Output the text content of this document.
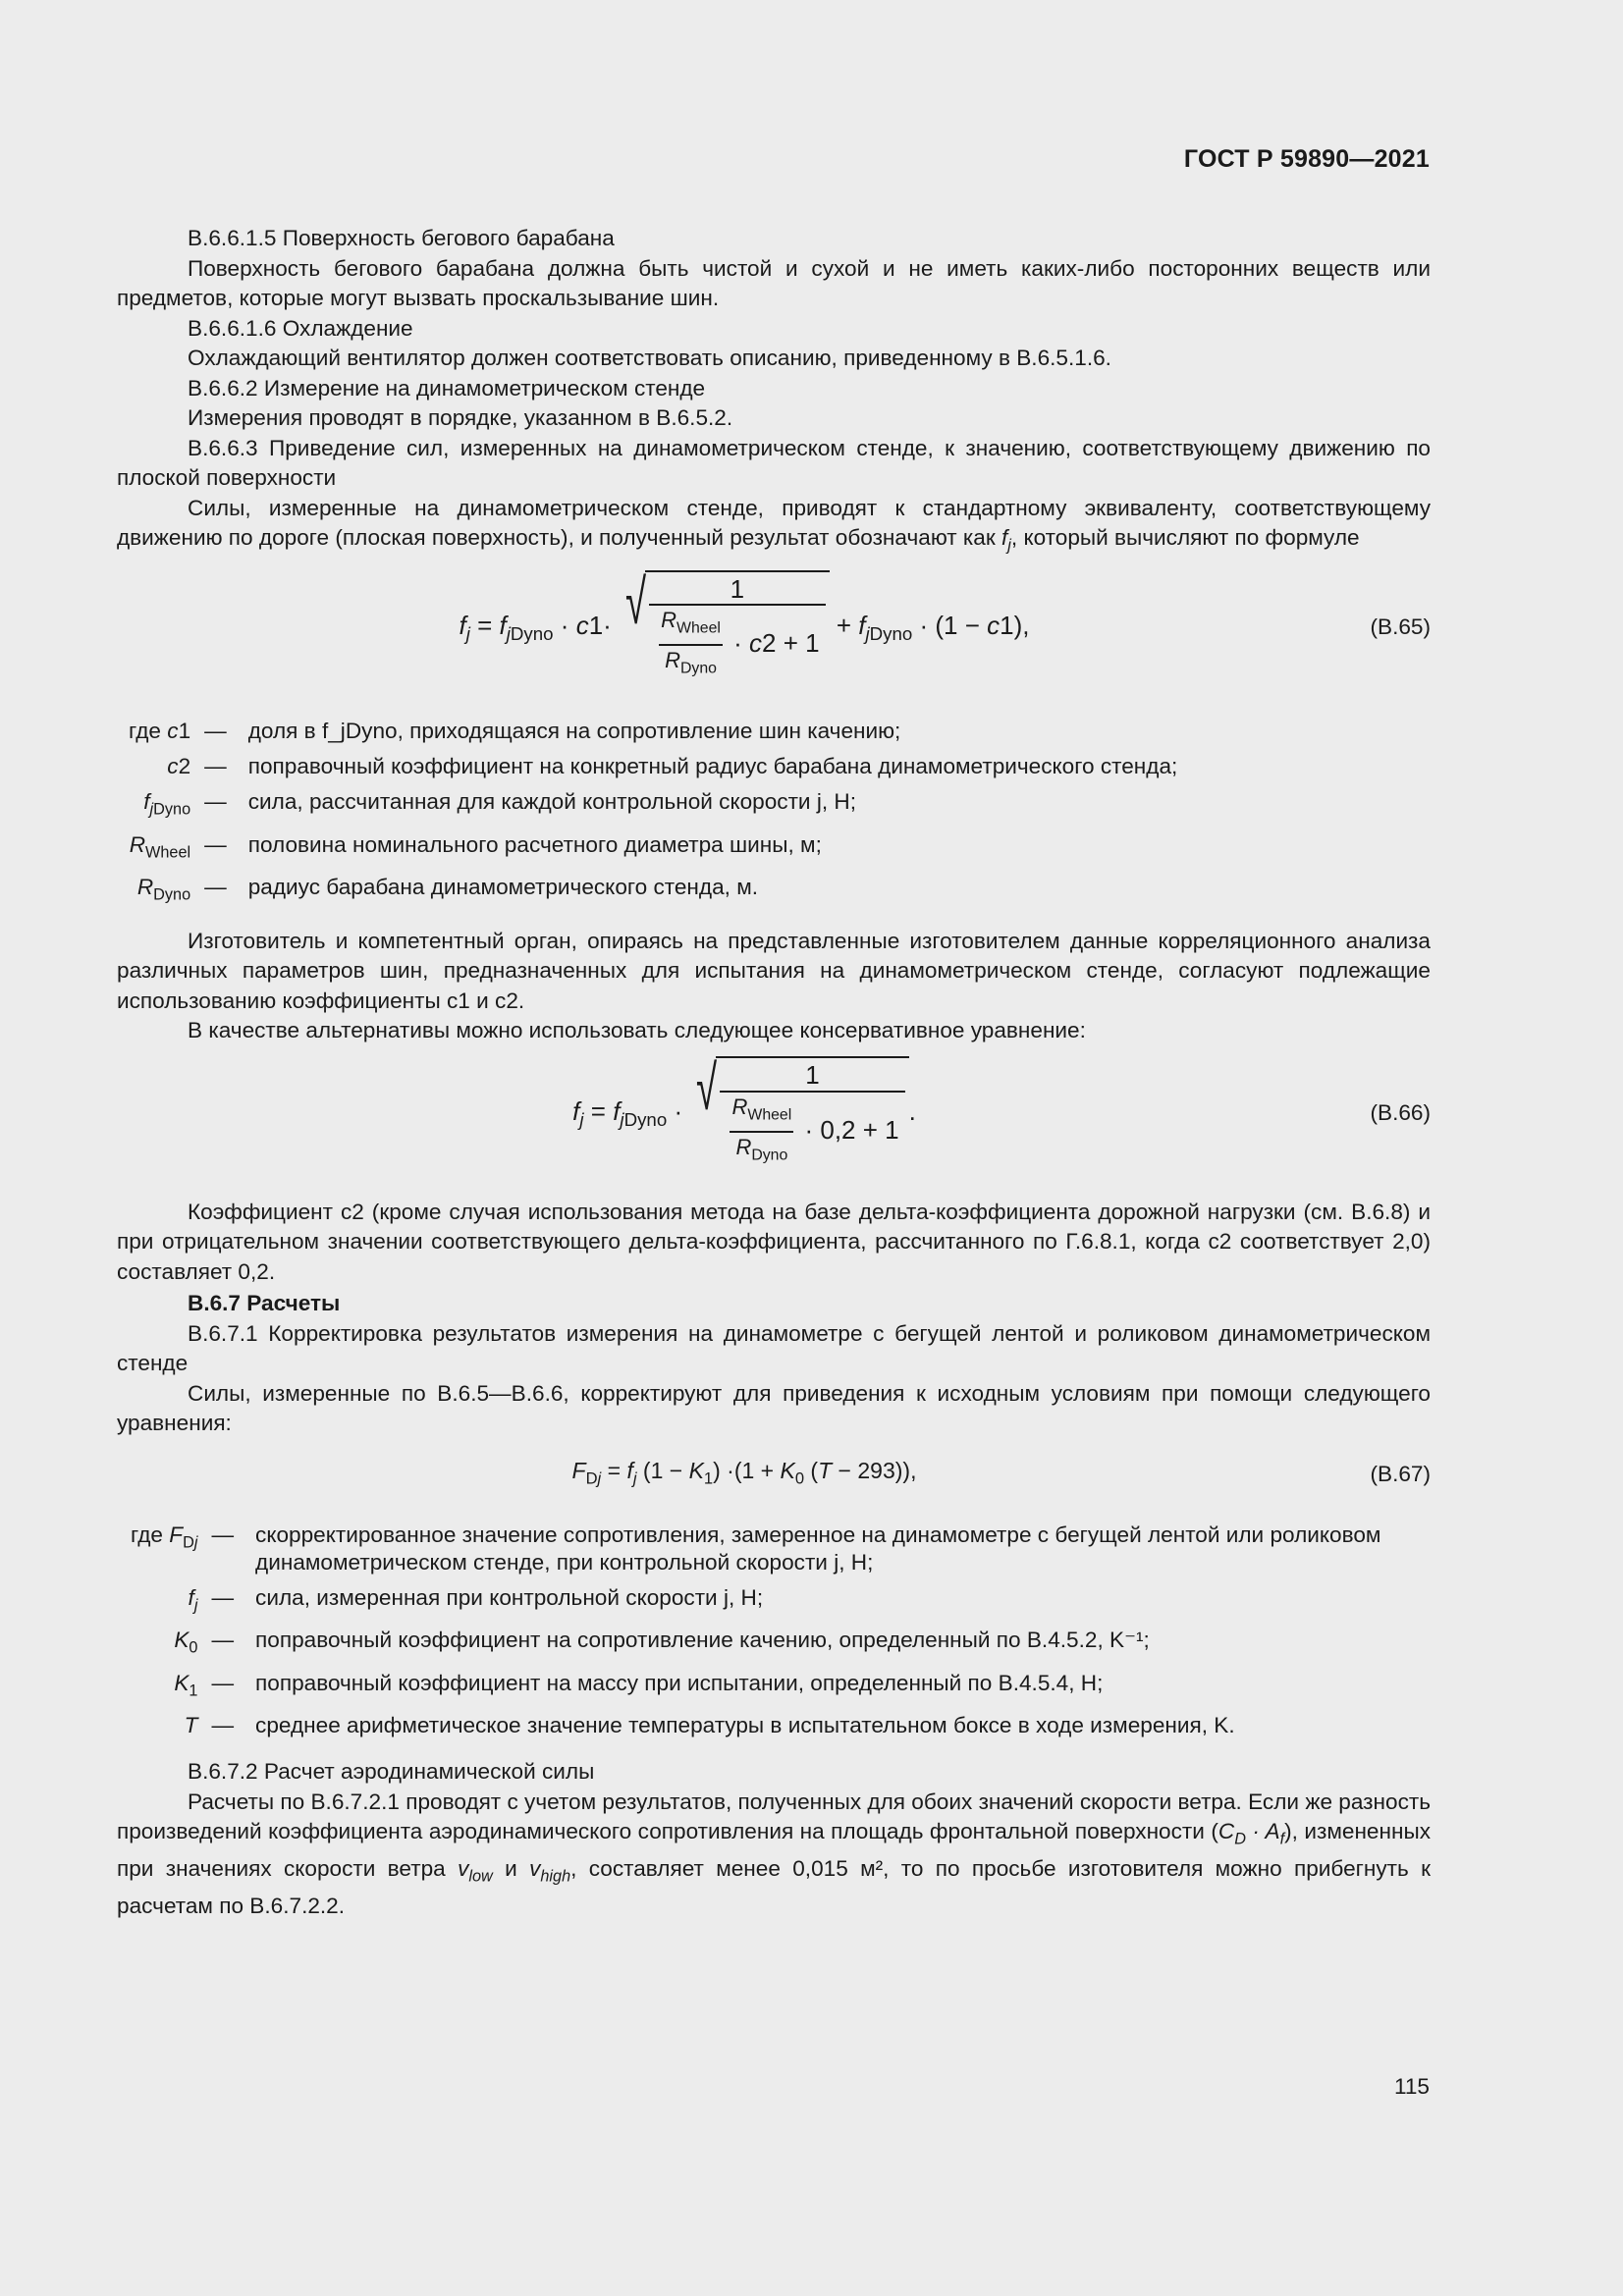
ГОСТ Р 59890—2021

В.6.6.1.5 Поверхность бегового барабана

Поверхность бегового барабана должна быть чистой и сухой и не иметь каких-либо посторонних веществ или предметов, которые могут вызвать проскальзывание шин.

В.6.6.1.6 Охлаждение

Охлаждающий вентилятор должен соответствовать описанию, приведенному в В.6.5.1.6.

В.6.6.2 Измерение на динамометрическом стенде

Измерения проводят в порядке, указанном в В.6.5.2.

В.6.6.3 Приведение сил, измеренных на динамометрическом стенде, к значению, соответствующему движению по плоской поверхности

Силы, измеренные на динамометрическом стенде, приводят к стандартному эквиваленту, соответствующему движению по дороге (плоская поверхность), и полученный результат обозначают как $f_j$, который вычисляют по формуле

$f_j = f_{jDyno} \cdot c1\cdot$ √ $\frac{1}{\frac{R_{Wheel}}{R_{Dyno}} \cdot c2 + 1} + f_{jDyno} \cdot (1 - c1)$,	(В.65)
где c1	—	доля в f_jDyno, приходящаяся на сопротивление шин качению;
c2	—	поправочный коэффициент на конкретный радиус барабана динамометрического стенда;
$f_{jDyno}$	—	сила, рассчитанная для каждой контрольной скорости j, Н;
$R_{Wheel}$	—	половина номинального расчетного диаметра шины, м;
$R_{Dyno}$	—	радиус барабана динамометрического стенда, м.

Изготовитель и компетентный орган, опираясь на представленные изготовителем данные корреляционного анализа различных параметров шин, предназначенных для испытания на динамометрическом стенде, согласуют подлежащие использованию коэффициенты c1 и c2.

В качестве альтернативы можно использовать следующее консервативное уравнение:

$f_j = f_{jDyno}$ · √ $\frac{1}{\frac{R_{Wheel}}{R_{Dyno}} \cdot 0,2 + 1}$ .	(В.66)

Коэффициент c2 (кроме случая использования метода на базе дельта-коэффициента дорожной нагрузки (см. В.6.8) и при отрицательном значении соответствующего дельта-коэффициента, рассчитанного по Г.6.8.1, когда c2 соответствует 2,0) составляет 0,2.

В.6.7 Расчеты

В.6.7.1 Корректировка результатов измерения на динамометре с бегущей лентой и роликовом динамометрическом стенде

Силы, измеренные по В.6.5—В.6.6, корректируют для приведения к исходным условиям при помощи следующего уравнения:

$F_{Dj} = f_j$ $(1 - K_1) \cdot(1 + K_0$ (T − 293)),	(В.67)
где $F_{Dj}$	—	скорректированное значение сопротивления, замеренное на динамометре с бегущей лентой или роликовом динамометрическом стенде, при контрольной скорости j, Н;
$f_j$	—	сила, измеренная при контрольной скорости j, Н;
$K_0$	—	поправочный коэффициент на сопротивление качению, определенный по В.4.5.2, K⁻¹;
$K_1$	—	поправочный коэффициент на массу при испытании, определенный по В.4.5.4, Н;
T	—	среднее арифметическое значение температуры в испытательном боксе в ходе измерения, K.

В.6.7.2 Расчет аэродинамической силы

Расчеты по В.6.7.2.1 проводят с учетом результатов, полученных для обоих значений скорости ветра. Если же разность произведений коэффициента аэродинамического сопротивления на площадь фронтальной поверхности $(C_D \cdot A_f)$, измененных при значениях скорости ветра $v_{low}$ и $v_{high}$, составляет менее 0,015 м², то по просьбе изготовителя можно прибегнуть к расчетам по В.6.7.2.2.

115
